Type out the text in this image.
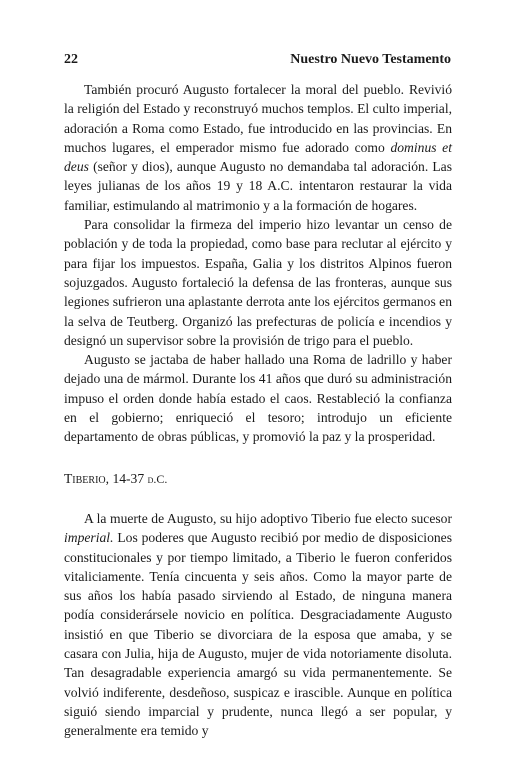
22	Nuestro Nuevo Testamento

También procuró Augusto fortalecer la moral del pueblo. Revivió la religión del Estado y reconstruyó muchos templos. El culto imperial, adoración a Roma como Estado, fue introducido en las provincias. En muchos lugares, el emperador mismo fue adorado como dominus et deus (señor y dios), aunque Augusto no demandaba tal adoración. Las leyes julianas de los años 19 y 18 A.C. intentaron restaurar la vida familiar, estimulando al matrimonio y a la formación de hogares.

Para consolidar la firmeza del imperio hizo levantar un censo de población y de toda la propiedad, como base para reclutar al ejército y para fijar los impuestos. España, Galia y los distritos Alpinos fueron sojuzgados. Augusto fortaleció la defensa de las fronteras, aunque sus legiones sufrieron una aplastante derrota ante los ejércitos germanos en la selva de Teutberg. Organizó las prefecturas de policía e incendios y designó un supervisor sobre la provisión de trigo para el pueblo.

Augusto se jactaba de haber hallado una Roma de ladrillo y haber dejado una de mármol. Durante los 41 años que duró su administración impuso el orden donde había estado el caos. Restableció la confianza en el gobierno; enriqueció el tesoro; introdujo un eficiente departamento de obras públicas, y promovió la paz y la prosperidad.

Tiberio, 14-37 d.C.

A la muerte de Augusto, su hijo adoptivo Tiberio fue electo sucesor imperial. Los poderes que Augusto recibió por medio de disposiciones constitucionales y por tiempo limitado, a Tiberio le fueron conferidos vitaliciamente. Tenía cincuenta y seis años. Como la mayor parte de sus años los había pasado sirviendo al Estado, de ninguna manera podía considerársele novicio en política. Desgraciadamente Augusto insistió en que Tiberio se divorciara de la esposa que amaba, y se casara con Julia, hija de Augusto, mujer de vida notoriamente disoluta. Tan desagradable experiencia amargó su vida permanentemente. Se volvió indiferente, desdeñoso, suspicaz e irascible. Aunque en política siguió siendo imparcial y prudente, nunca llegó a ser popular, y generalmente era temido y
